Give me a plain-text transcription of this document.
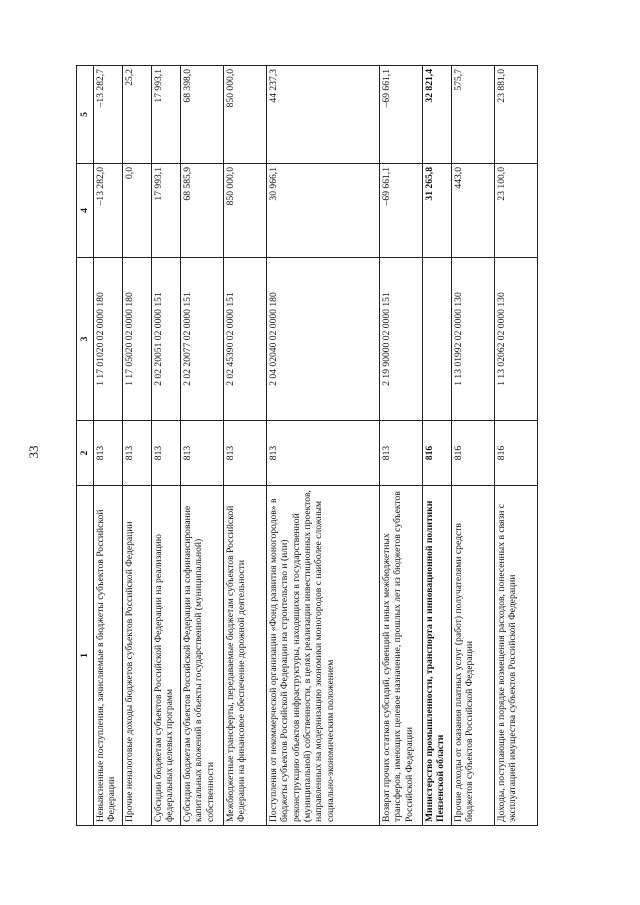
33
1	2	3	4	5
Невыясненные поступления, зачисляемые в бюджеты субъектов Российской Федерации	813	1 17 01020 02 0000 180	–13 282,0	–13 282,7
Прочие неналоговые доходы бюджетов субъектов Российской Федерации	813	1 17 05020 02 0000 180	0,0	25,2
Субсидии бюджетам субъектов Российской Федерации на реализацию федеральных целевых программ	813	2 02 20051 02 0000 151	17 993,1	17 993,1
Субсидии бюджетам субъектов Российской Федерации на софинансирование капитальных вложений в объекты государственной (муниципальной) собственности	813	2 02 20077 02 0000 151	68 585,9	68 398,0
Межбюджетные трансферты, передаваемые бюджетам субъектов Российской Федерации на финансовое обеспечение дорожной деятельности	813	2 02 45390 02 0000 151	850 000,0	850 000,0
Поступления от некоммерческой организации «Фонд развития моногородов» в бюджеты субъектов Российской Федерации на строительство и (или) реконструкцию объектов инфраструктуры, находящихся в государственной (муниципальной) собственности, в целях реализации инвестиционных проектов, направленных на модернизацию экономики моногородов с наиболее сложным социально-экономическим положением	813	2 04 02040 02 0000 180	30 966,1	44 237,3
Возврат прочих остатков субсидий, субвенций и иных межбюджетных трансферов, имеющих целевое назначение, прошлых лет из бюджетов субъектов Российской Федерации	813	2 19 90000 02 0000 151	–69 661,1	–69 661,1
Министерство промышленности, транспорта и инновационной политики Пензенской области	816		31 265,8	32 821,4
Прочие доходы от оказания платных услуг (работ) получателями средств бюджетов субъектов Российской Федерации	816	1 13 01992 02 0000 130	443,0	575,7
Доходы, поступающие в порядке возмещения расходов, понесенных в связи с эксплуатацией имущества субъектов Российской Федерации	816	1 13 02062 02 0000 130	23 100,0	23 881,0
